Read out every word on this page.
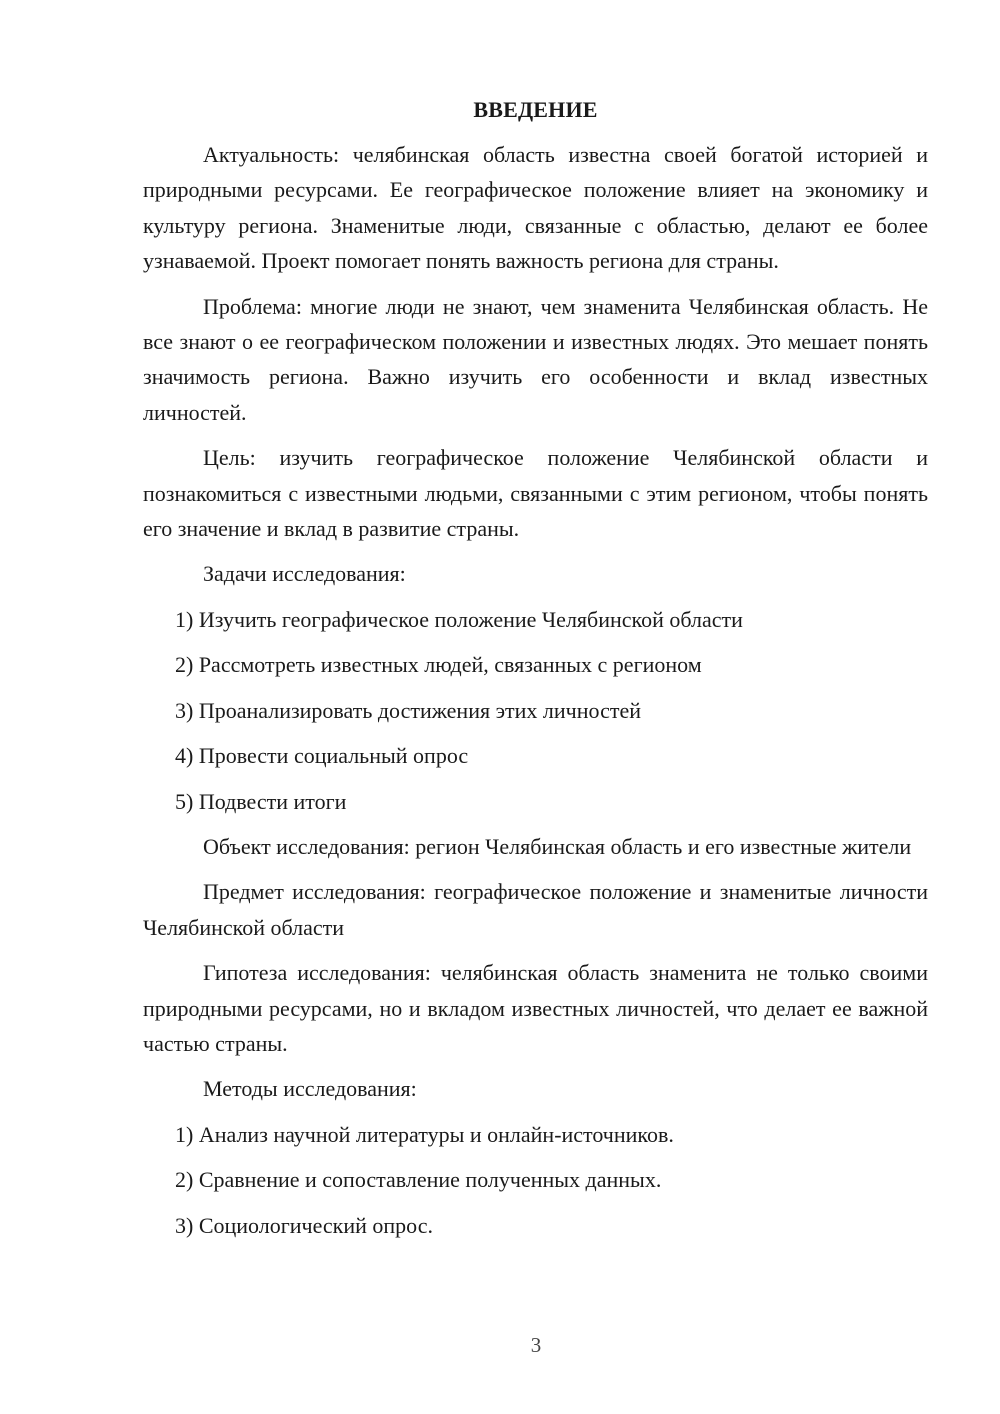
ВВЕДЕНИЕ

Актуальность: челябинская область известна своей богатой историей и природными ресурсами. Ее географическое положение влияет на экономику и культуру региона. Знаменитые люди, связанные с областью, делают ее более узнаваемой. Проект помогает понять важность региона для страны.

Проблема: многие люди не знают, чем знаменита Челябинская область. Не все знают о ее географическом положении и известных людях. Это мешает понять значимость региона. Важно изучить его особенности и вклад известных личностей.

Цель: изучить географическое положение Челябинской области и познакомиться с известными людьми, связанными с этим регионом, чтобы понять его значение и вклад в развитие страны.

Задачи исследования:

1) Изучить географическое положение Челябинской области
2) Рассмотреть известных людей, связанных с регионом
3) Проанализировать достижения этих личностей
4) Провести социальный опрос
5) Подвести итоги

Объект исследования: регион Челябинская область и его известные жители

Предмет исследования: географическое положение и знаменитые личности Челябинской области

Гипотеза исследования: челябинская область знаменита не только своими природными ресурсами, но и вкладом известных личностей, что делает ее важной частью страны.

Методы исследования:

1) Анализ научной литературы и онлайн-источников.
2) Сравнение и сопоставление полученных данных.
3) Социологический опрос.
3
